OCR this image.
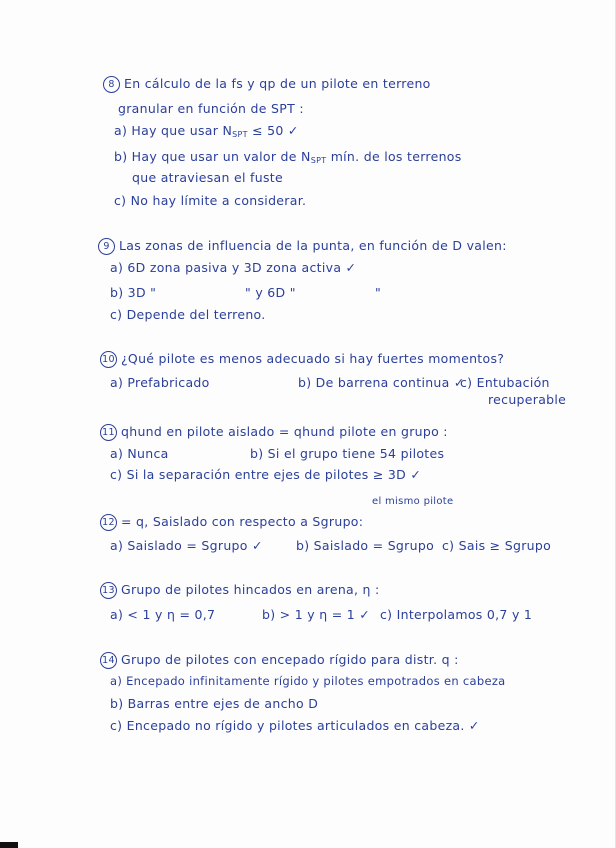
8 En cálculo de la fs y qp de un pilote en terreno
granular en función de SPT :
a) Hay que usar $N_{SPT} \le 50$ ✓
b) Hay que usar un valor de $N_{SPT}$ mín. de los terrenos
que atraviesan el fuste
c) No hay límite a considerar.
9 Las zonas de influencia de la punta, en función de D valen:
a) 6D zona pasiva y 3D zona activa ✓
b) 3D "	" y 6D "	"
c) Depende del terreno.
10 ¿Qué pilote es menos adecuado si hay fuertes momentos?
a) Prefabricado	b) De barrena continua ✓
c) Entubación
recuperable
11 qhund en pilote aislado = qhund pilote en grupo :
a) Nunca	b) Si el grupo tiene 54 pilotes
c) Si la separación entre ejes de pilotes ≥ 3D ✓
el mismo pilote
12 = q, Saislado con respecto a Sgrupo:
a) Saislado = Sgrupo ✓	b) Saislado = Sgrupo c) Sais ≥ Sgrupo
13 Grupo de pilotes hincados en arena, η :
a) < 1 y η = 0,7	b) > 1 y η = 1 ✓ c) Interpolamos 0,7 y 1
14 Grupo de pilotes con encepado rígido para distr. q :
a) Encepado infinitamente rígido y pilotes empotrados en cabeza
b) Barras entre ejes de ancho D
c) Encepado no rígido y pilotes articulados en cabeza. ✓
